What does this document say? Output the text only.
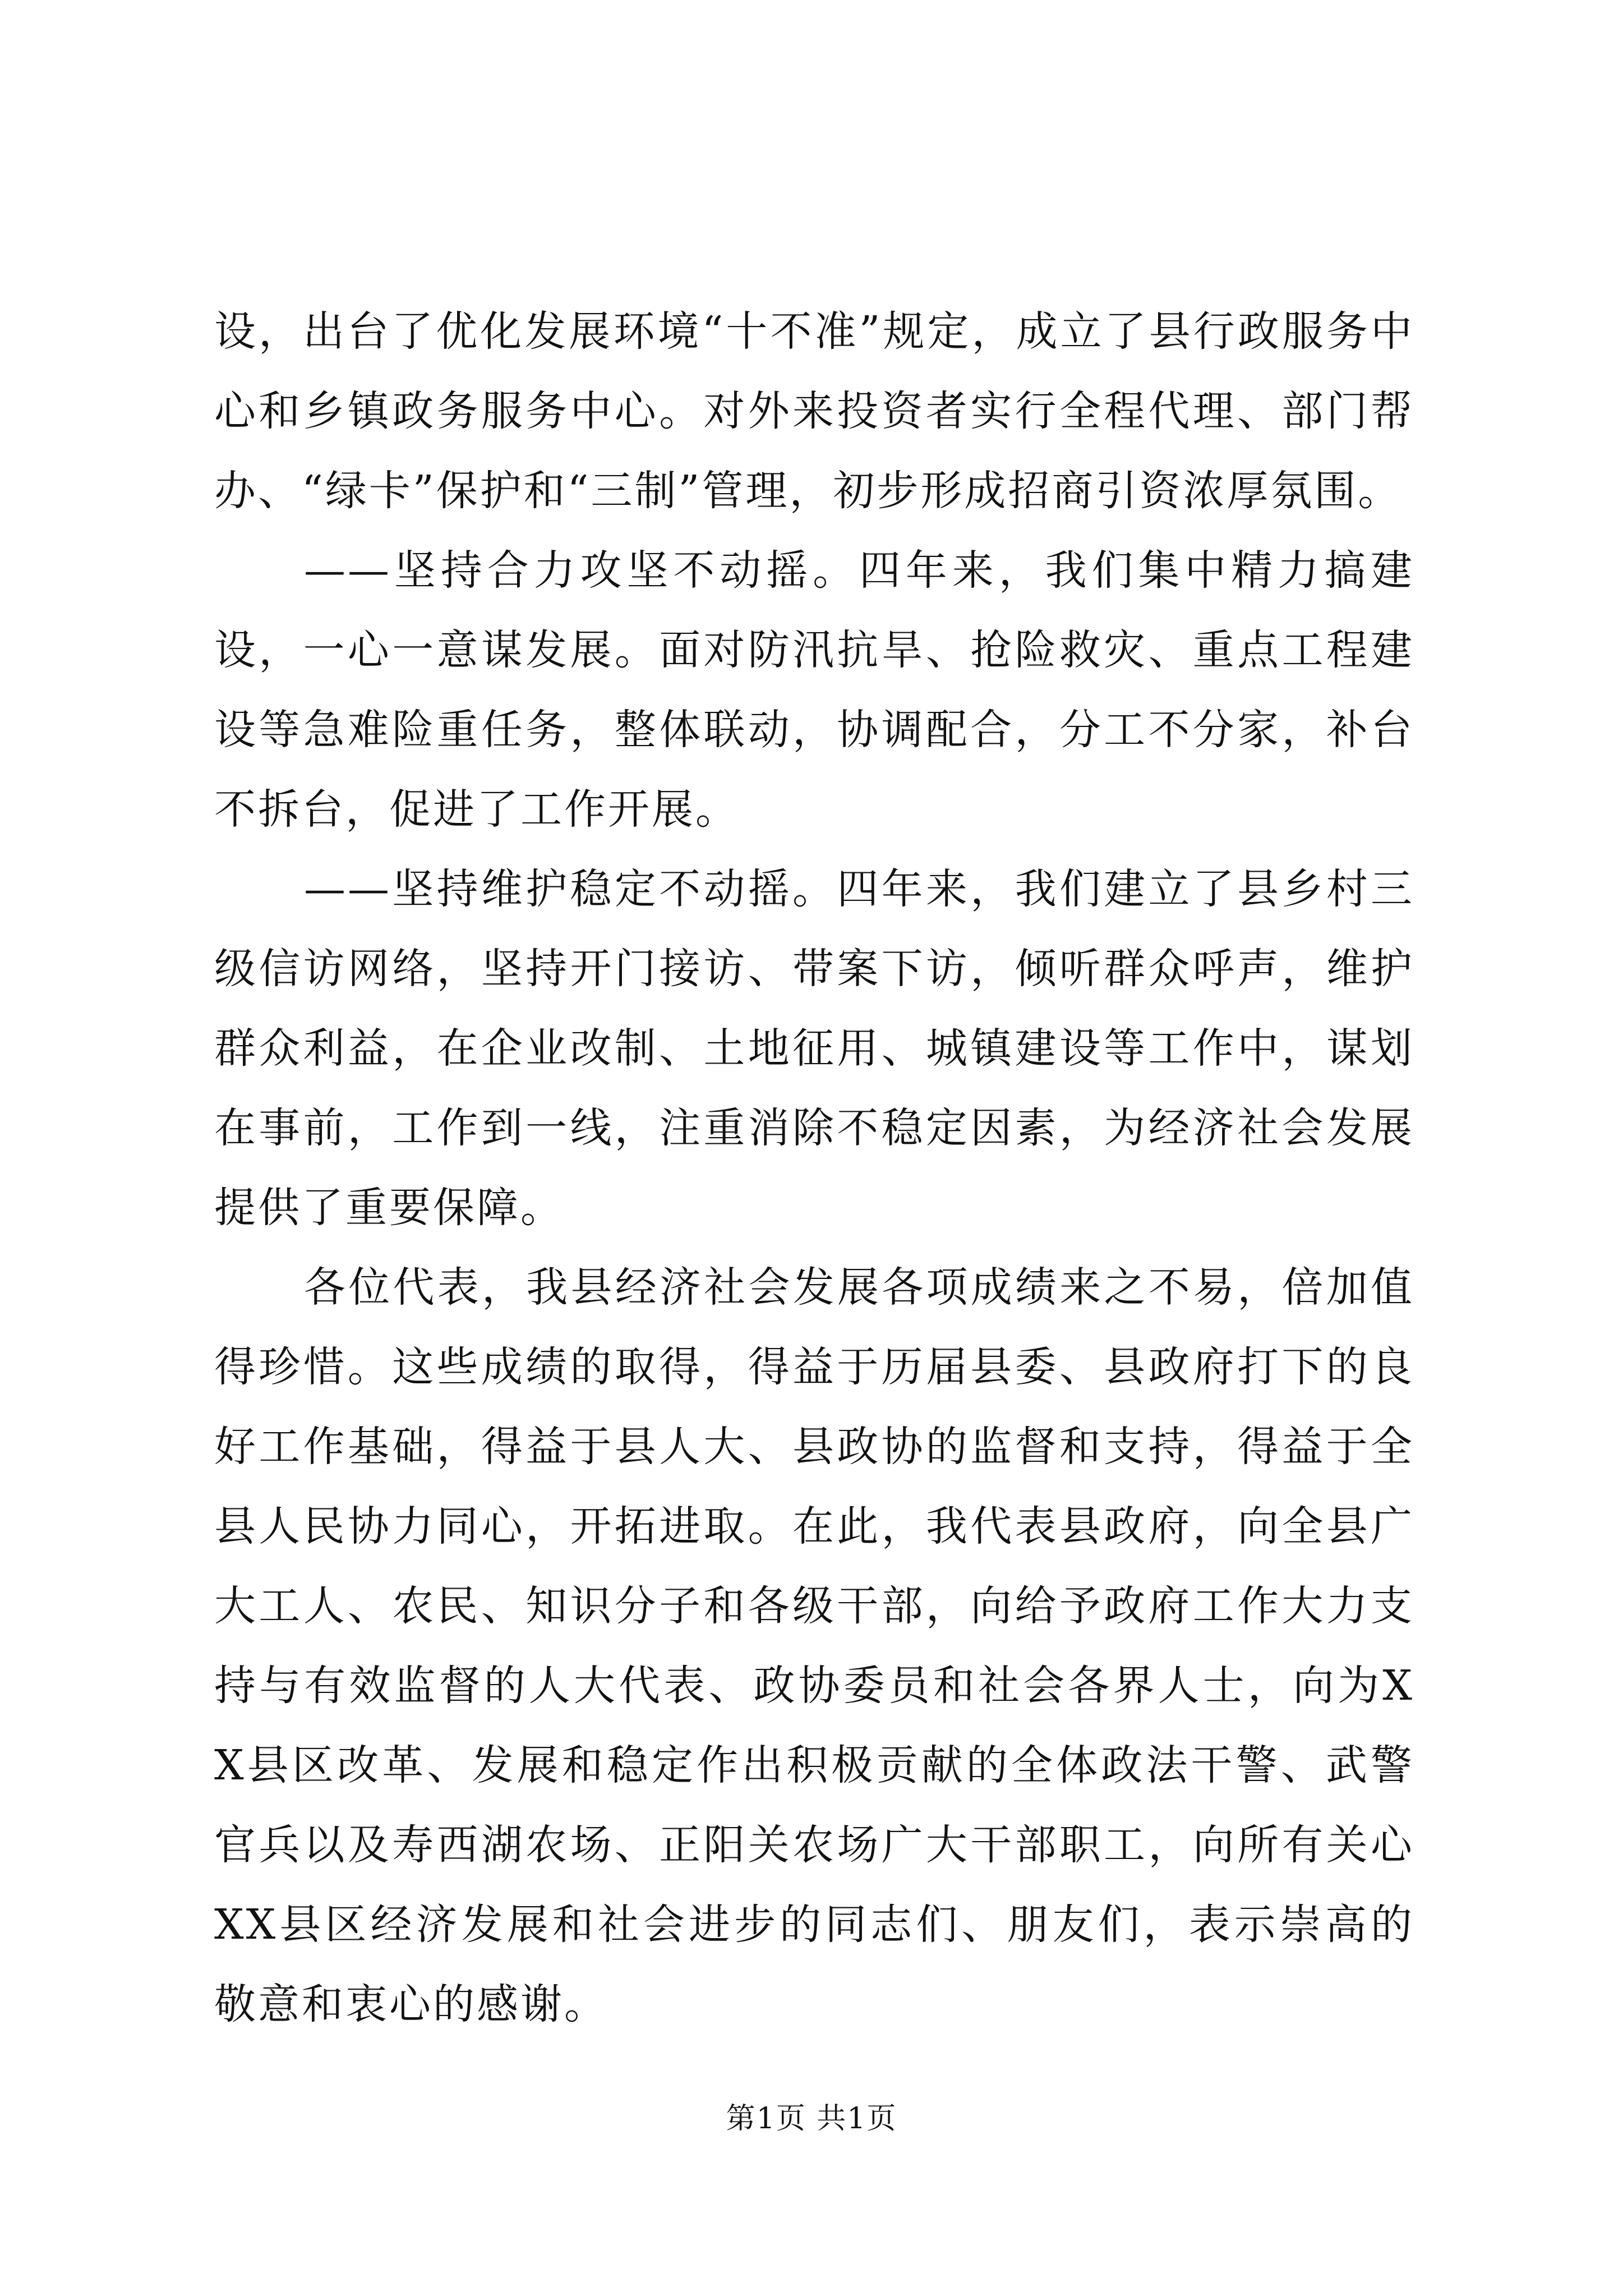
设，出台了优化发展环境“十不准”规定，成立了县行政服务中心和乡镇政务服务中心。对外来投资者实行全程代理、部门帮办、“绿卡”保护和“三制”管理，初步形成招商引资浓厚氛围。

——坚持合力攻坚不动摇。四年来，我们集中精力搞建设，一心一意谋发展。面对防汛抗旱、抢险救灾、重点工程建设等急难险重任务，整体联动，协调配合，分工不分家，补台不拆台，促进了工作开展。

——坚持维护稳定不动摇。四年来，我们建立了县乡村三级信访网络，坚持开门接访、带案下访，倾听群众呼声，维护群众利益，在企业改制、土地征用、城镇建设等工作中，谋划在事前，工作到一线，注重消除不稳定因素，为经济社会发展提供了重要保障。

各位代表，我县经济社会发展各项成绩来之不易，倍加值得珍惜。这些成绩的取得，得益于历届县委、县政府打下的良好工作基础，得益于县人大、县政协的监督和支持，得益于全县人民协力同心，开拓进取。在此，我代表县政府，向全县广大工人、农民、知识分子和各级干部，向给予政府工作大力支持与有效监督的人大代表、政协委员和社会各界人士，向为XX县区改革、发展和稳定作出积极贡献的全体政法干警、武警官兵以及寿西湖农场、正阳关农场广大干部职工，向所有关心XX县区经济发展和社会进步的同志们、朋友们，表示崇高的敬意和衷心的感谢。

第1页 共1页
